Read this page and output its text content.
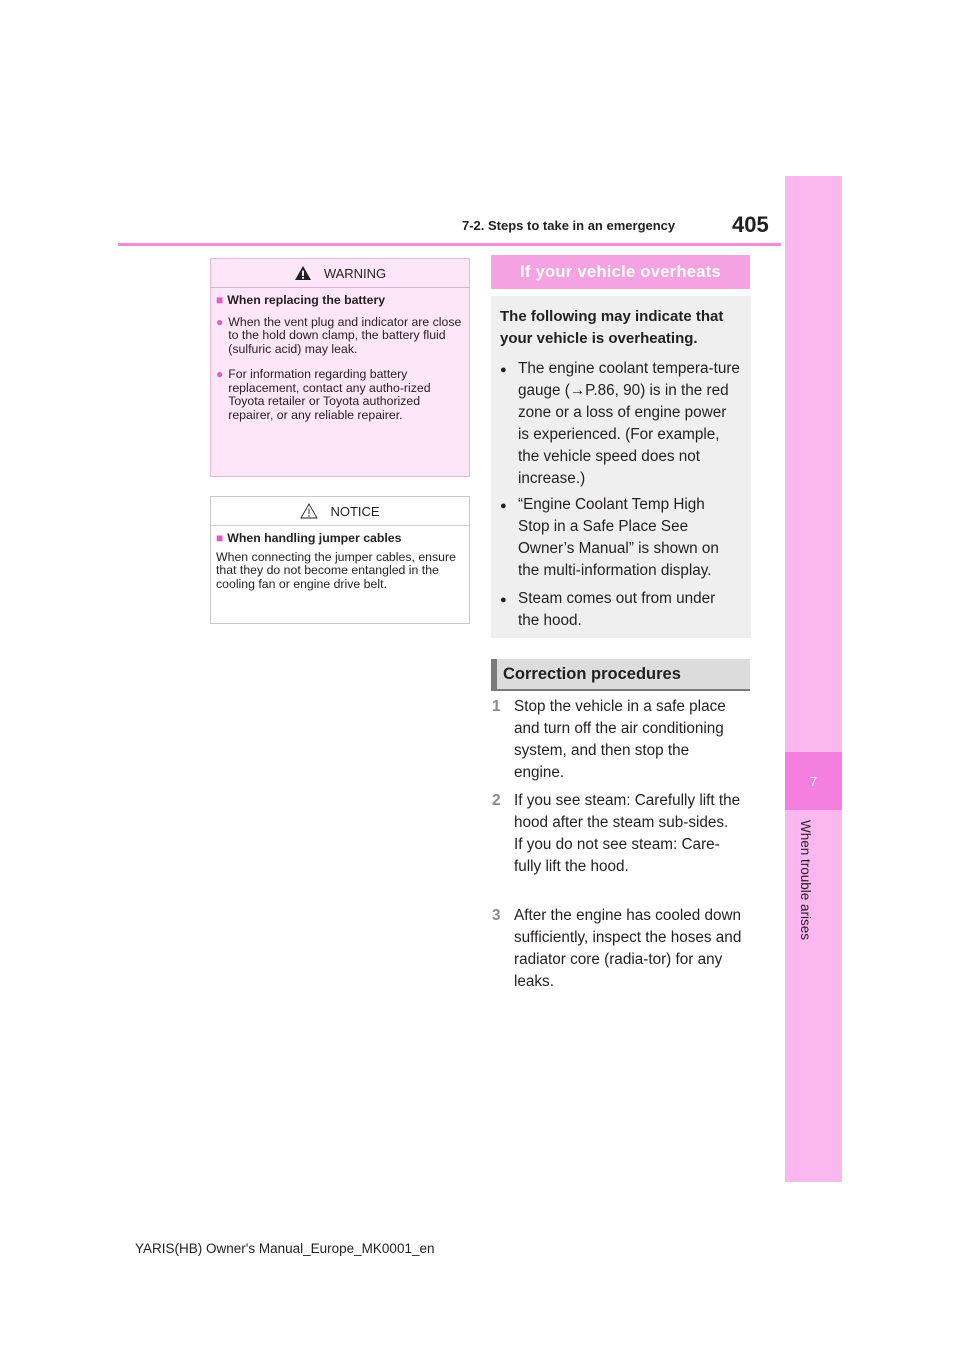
7
When trouble arises
7-2. Steps to take in an emergency	405
WARNING
■ When replacing the battery
● When the vent plug and indicator are close to the hold down clamp, the battery fluid (sulfuric acid) may leak.
● For information regarding battery replacement, contact any autho-rized Toyota retailer or Toyota authorized repairer, or any reliable repairer.
NOTICE
■ When handling jumper cables
When connecting the jumper cables, ensure that they do not become entangled in the cooling fan or engine drive belt.
If your vehicle overheats
The following may indicate that your vehicle is overheating.
● The engine coolant tempera-ture gauge (→P.86, 90) is in the red zone or a loss of engine power is experienced. (For example, the vehicle speed does not increase.)
● “Engine Coolant Temp High Stop in a Safe Place See Owner’s Manual” is shown on the multi-information display.
● Steam comes out from under the hood.
Correction procedures
1 Stop the vehicle in a safe place and turn off the air conditioning system, and then stop the engine.
2 If you see steam: Carefully lift the hood after the steam sub-sides.
If you do not see steam: Care-fully lift the hood.
3 After the engine has cooled down sufficiently, inspect the hoses and radiator core (radia-tor) for any leaks.
YARIS(HB) Owner's Manual_Europe_MK0001_en
